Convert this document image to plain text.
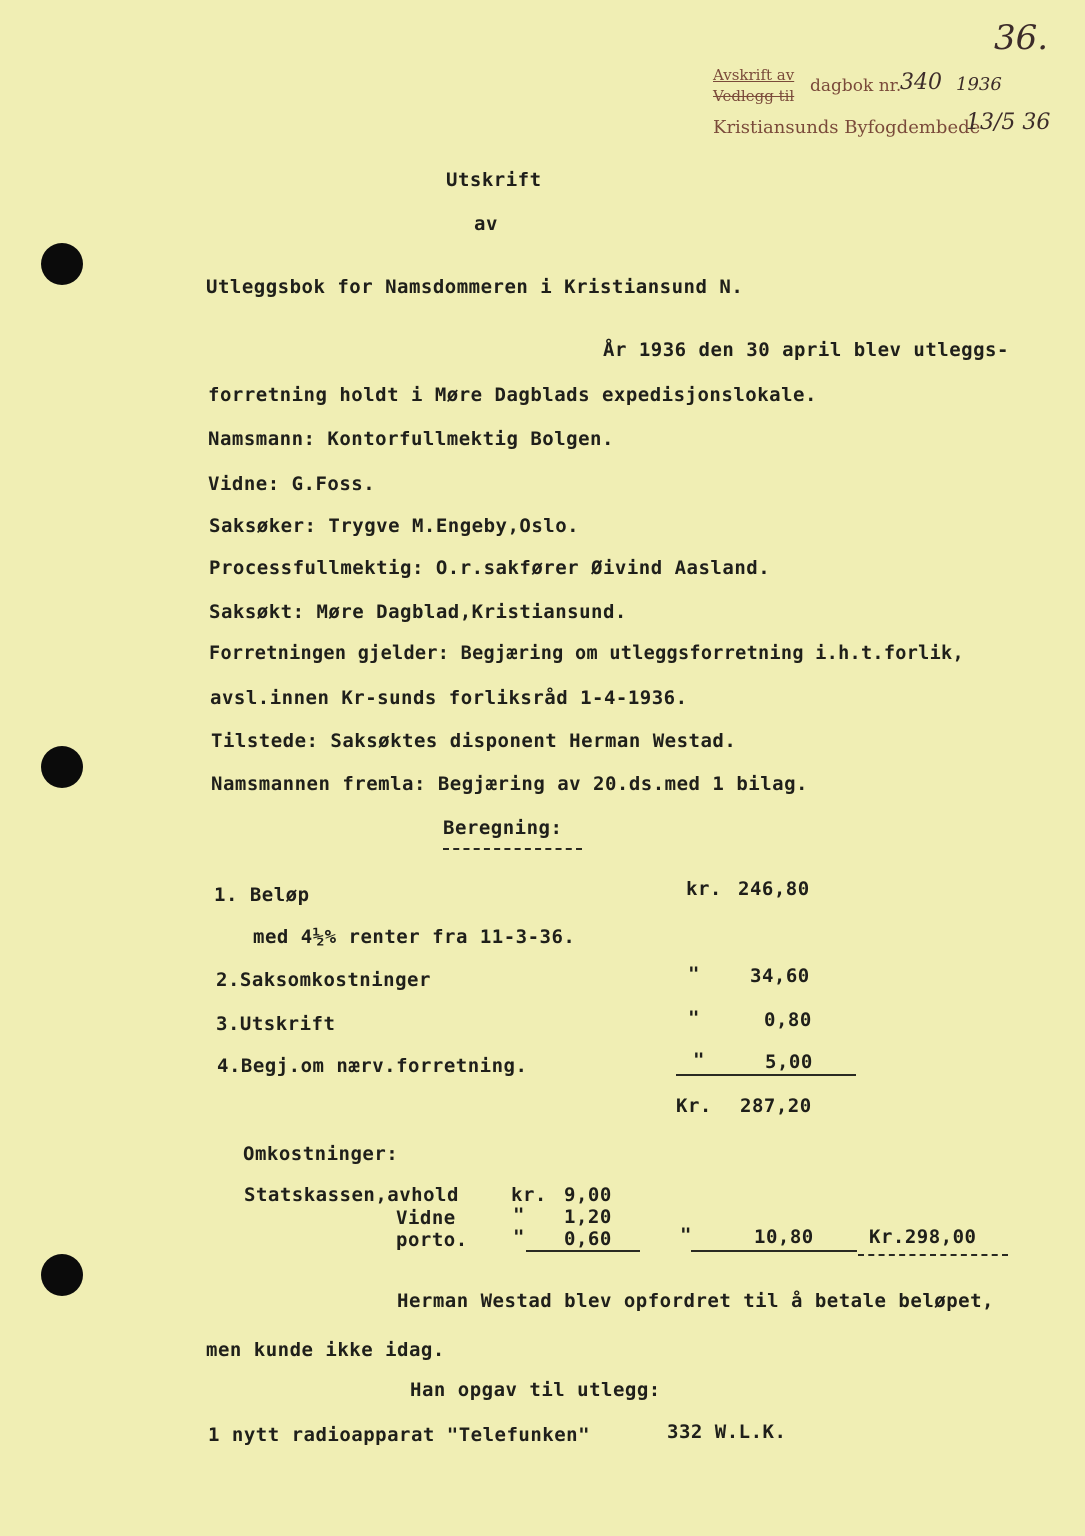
36.
Avskrift av
Vedlegg til dagbok nr.
340 1936
Kristiansunds Byfogdembede
13/5 36
Utskrift
av
Utleggsbok for Namsdommeren i Kristiansund N.
År 1936 den 30 april blev utleggs-
forretning holdt i Møre Dagblads expedisjonslokale.
Namsmann: Kontorfullmektig Bolgen.
Vidne: G.Foss.
Saksøker: Trygve M.Engeby,Oslo.
Processfullmektig: O.r.sakfører Øivind Aasland.
Saksøkt: Møre Dagblad,Kristiansund.
Forretningen gjelder: Begjæring om utleggsforretning i.h.t.forlik,
avsl.innen Kr-sunds forliksråd 1-4-1936.
Tilstede: Saksøktes disponent Herman Westad.
Namsmannen fremla: Begjæring av 20.ds.med 1 bilag.
Beregning:
1. Beløp	kr. 246,80
med 4½% renter fra 11-3-36.
2.Saksomkostninger	"	34,60
3.Utskrift	"	0,80
4.Begj.om nærv.forretning.	"	5,00
Kr. 287,20
Omkostninger:
Statskassen,avhold	kr. 9,00
Vidne	" 1,20
porto. " 0,60	"	10,80	Kr.298,00
Herman Westad blev opfordret til å betale beløpet,
men kunde ikke idag.
Han opgav til utlegg:
1 nytt radioapparat "Telefunken"	332 W.L.K.
